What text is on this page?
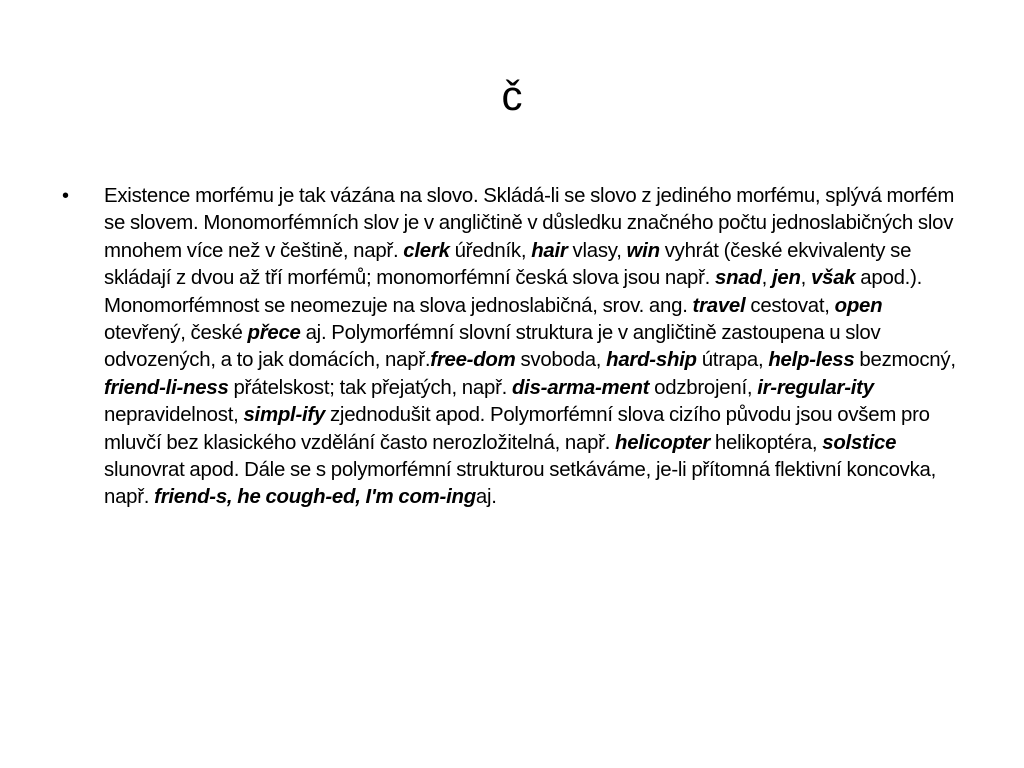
č
•	Existence morfému je tak vázána na slovo. Skládá-li se slovo z jediného morfému, splývá morfém se slovem. Monomorfémních slov je v angličtině v důsledku značného počtu jednoslabičných slov mnohem více než v češtině, např. clerk úředník, hair vlasy, win vyhrát (české ekvivalenty se skládají z dvou až tří morfémů; monomorfémní česká slova jsou např. snad, jen, však apod.). Monomorfémnost se neomezuje na slova jednoslabičná, srov. ang. travel cestovat, open otevřený, české přece aj. Polymorfémní slovní struktura je v angličtině zastoupena u slov odvozených, a to jak domácích, např.free-dom svoboda, hard-ship útrapa, help-less bezmocný, friend-li-ness přátelskost; tak přejatých, např. dis-arma-ment odzbrojení, ir-regular-ity nepravidelnost, simpl-ify zjednodušit apod. Polymorfémní slova cizího původu jsou ovšem pro mluvčí bez klasického vzdělání často nerozložitelná, např. helicopter helikoptéra, solstice slunovrat apod. Dále se s polymorfémní strukturou setkáváme, je-li přítomná flektivní koncovka, např. friend-s, he cough-ed, I'm com-ingaj.
